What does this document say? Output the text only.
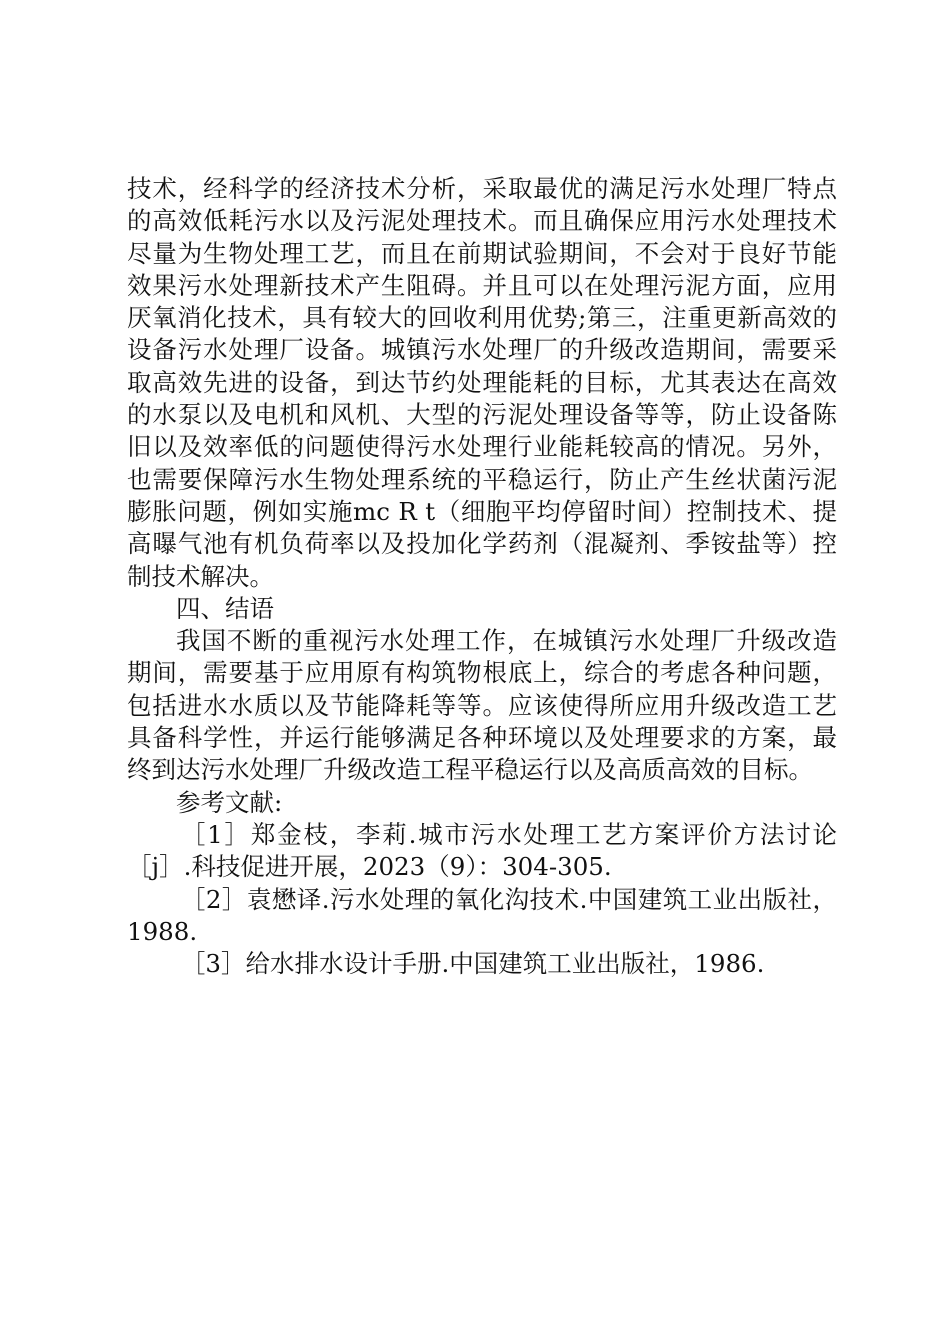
技术，经科学的经济技术分析，采取最优的满足污水处理厂特点的高效低耗污水以及污泥处理技术。而且确保应用污水处理技术尽量为生物处理工艺，而且在前期试验期间，不会对于良好节能效果污水处理新技术产生阻碍。并且可以在处理污泥方面，应用厌氧消化技术，具有较大的回收利用优势;第三，注重更新高效的设备污水处理厂设备。城镇污水处理厂的升级改造期间，需要采取高效先进的设备，到达节约处理能耗的目标，尤其表达在高效的水泵以及电机和风机、大型的污泥处理设备等等，防止设备陈旧以及效率低的问题使得污水处理行业能耗较高的情况。另外，也需要保障污水生物处理系统的平稳运行，防止产生丝状菌污泥膨胀问题，例如实施mc R t（细胞平均停留时间）控制技术、提高曝气池有机负荷率以及投加化学药剂（混凝剂、季铵盐等）控制技术解决。

四、结语

我国不断的重视污水处理工作，在城镇污水处理厂升级改造期间，需要基于应用原有构筑物根底上，综合的考虑各种问题，包括进水水质以及节能降耗等等。应该使得所应用升级改造工艺具备科学性，并运行能够满足各种环境以及处理要求的方案，最终到达污水处理厂升级改造工程平稳运行以及高质高效的目标。

参考文献:

［1］郑金枝，李莉.城市污水处理工艺方案评价方法讨论［j］.科技促进开展，2023（9）：304-305.

［2］袁懋译.污水处理的氧化沟技术.中国建筑工业出版社，1988.

［3］给水排水设计手册.中国建筑工业出版社，1986.
